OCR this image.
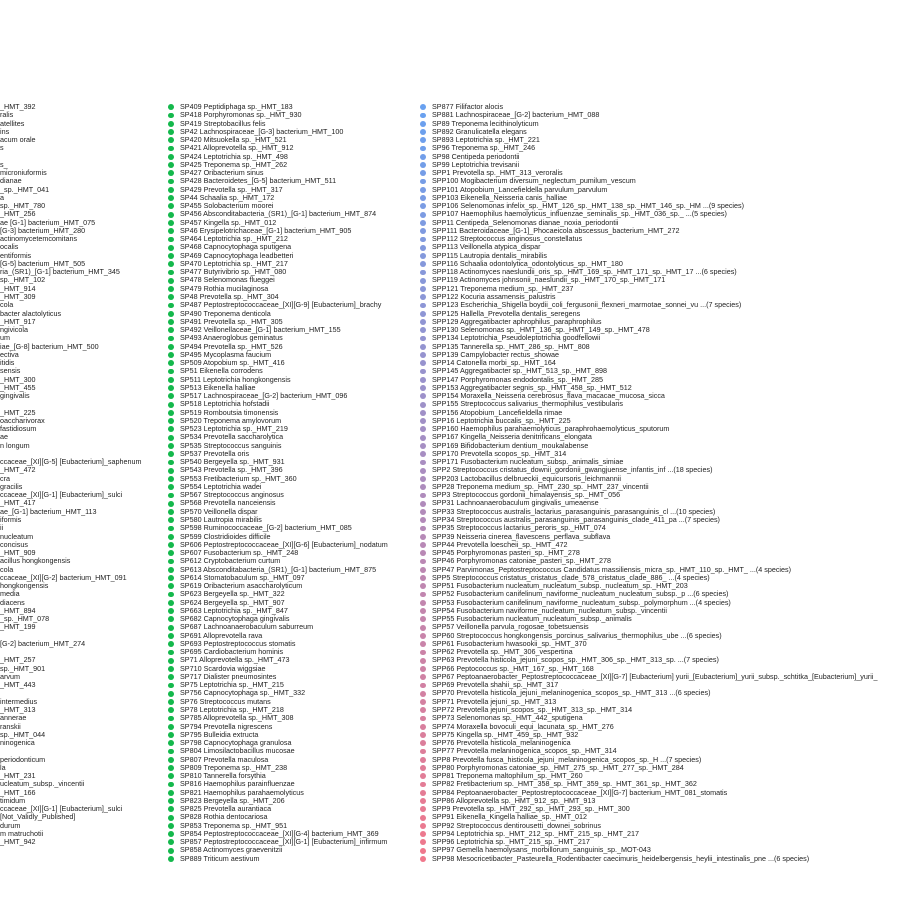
_HMT_392
ralis
atellites
ins
acum orale
s
s_
microniuformis
dianae
_sp._HMT_041
a
sp._HMT_780
_HMT_256
ae [G-1] bacterium_HMT_075
[G-3] bacterium_HMT_280
actinomycetemcomitans
ocalis
entiformis
[G-5] bacterium_HMT_505
ria_(SR1)_[G-1] bacterium_HMT_345
sp._HMT_102
_HMT_914
_HMT_309
cola
bacter alactolyticus
_HMT_917
ngivicola
um
iae_[G-8] bacterium_HMT_500
ectiva
itidis
sensis
_HMT_300
_HMT_455
gingivalis
_HMT_225
oaccharivorax
fastidiosum
ae
n longum
ccaceae_[XI][G-5] [Eubacterium]_saphenum
_HMT_472
cra
gracilis
ccaceae_[XI][G-1] [Eubacterium]_sulci
_HMT_417
ae_[G-1] bacterium_HMT_113
iformis
ii
nucleatum
concisus
_HMT_909
acillus hongkongensis
cola
ccaceae_[XI][G-2] bacterium_HMT_091
hongkongensis
media
diacens
_HMT_894
_sp._HMT_078
_HMT_199
[G-2] bacterium_HMT_274
_HMT_257
sp._HMT_901
arvum
_HMT_443
intermedius
_HMT_313
annerae
ranskii
sp._HMT_044
ninogenica
periodonticum
la
_HMT_231
ucleatum_subsp._vincentii
_HMT_166
timidum
ccaceae_[XI][G-1] [Eubacterium]_sulci
[Not_Validly_Published]
durum
m matruchotii
_HMT_942
SP409 Peptidiphaga sp._HMT_183
SP418 Porphyromonas sp._HMT_930
SP419 Streptobacillus felis
SP42 Lachnospiraceae_[G-3] bacterium_HMT_100
SP420 Mitsuokella sp._HMT_521
SP421 Alloprevotella sp._HMT_912
SP424 Leptotrichia sp._HMT_498
SP425 Treponema sp._HMT_262
SP427 Oribacterium sinus
SP428 Bacteroidetes_[G-5] bacterium_HMT_511
SP429 Prevotella sp._HMT_317
SP44 Schaalia sp._HMT_172
SP455 Solobacterium moorei
SP456 Absconditabacteria_(SR1)_[G-1] bacterium_HMT_874
SP457 Kingella sp._HMT_012
SP46 Erysipelotrichaceae_[G-1] bacterium_HMT_905
SP464 Leptotrichia sp._HMT_212
SP468 Capnocytophaga sputigena
SP469 Capnocytophaga leadbetteri
SP470 Leptotrichia sp._HMT_217
SP477 Butyrivibrio sp._HMT_080
SP478 Selenomonas flueggei
SP479 Rothia mucilaginosa
SP48 Prevotella sp._HMT_304
SP487 Peptostreptococcaceae_[XI][G-9] [Eubacterium]_brachy
SP490 Treponema denticola
SP491 Prevotella sp._HMT_305
SP492 Veillonellaceae_[G-1] bacterium_HMT_155
SP493 Anaeroglobus geminatus
SP494 Prevotella sp._HMT_526
SP495 Mycoplasma faucium
SP509 Atopobium sp._HMT_416
SP51 Eikenella corrodens
SP511 Leptotrichia hongkongensis
SP513 Eikenella halliae
SP517 Lachnospiraceae_[G-2] bacterium_HMT_096
SP518 Leptotrichia hofstadii
SP519 Romboutsia timonensis
SP520 Treponema amylovorum
SP523 Leptotrichia sp._HMT_219
SP534 Prevotella saccharolytica
SP535 Streptococcus sanguinis
SP537 Prevotella oris
SP540 Bergeyella sp._HMT_931
SP543 Prevotella sp._HMT_396
SP553 Fretibacterium sp._HMT_360
SP554 Leptotrichia wadei
SP567 Streptococcus anginosus
SP568 Prevotella nanceiensis
SP570 Veillonella dispar
SP580 Lautropia mirabilis
SP598 Ruminococcaceae_[G-2] bacterium_HMT_085
SP599 Clostridioides difficile
SP606 Peptostreptococcaceae_[XI][G-6] [Eubacterium]_nodatum
SP607 Fusobacterium sp._HMT_248
SP612 Cryptobacterium curtum
SP613 Absconditabacteria_(SR1)_[G-1] bacterium_HMT_875
SP614 Stomatobaculum sp._HMT_097
SP619 Oribacterium asaccharolyticum
SP623 Bergeyella sp._HMT_322
SP624 Bergeyella sp._HMT_907
SP663 Leptotrichia sp._HMT_847
SP682 Capnocytophaga gingivalis
SP687 Lachnoanaerobaculum saburreum
SP691 Alloprevotella rava
SP693 Peptostreptococcus stomatis
SP695 Cardiobacterium hominis
SP71 Alloprevotella sp._HMT_473
SP710 Scardovia wiggsiae
SP717 Dialister pneumosintes
SP75 Leptotrichia sp._HMT_215
SP756 Capnocytophaga sp._HMT_332
SP76 Streptococcus mutans
SP78 Leptotrichia sp._HMT_218
SP785 Alloprevotella sp._HMT_308
SP794 Prevotella nigrescens
SP795 Bulleidia extructa
SP798 Capnocytophaga granulosa
SP804 Limosilactobacillus mucosae
SP807 Prevotella maculosa
SP809 Treponema sp._HMT_238
SP810 Tannerella forsythia
SP816 Haemophilus parainfluenzae
SP821 Haemophilus parahaemolyticus
SP823 Bergeyella sp._HMT_206
SP825 Prevotella aurantiaca
SP828 Rothia dentocariosa
SP853 Treponema sp._HMT_951
SP854 Peptostreptococcaceae_[XI][G-4] bacterium_HMT_369
SP857 Peptostreptococcaceae_[XI][G-1] [Eubacterium]_infirmum
SP858 Actinomyces graevenitzii
SP889 Triticum aestivum
SP877 Filifactor alocis
SP881 Lachnospiraceae_[G-2] bacterium_HMT_088
SP89 Treponema lecithinolyticum
SP892 Granulicatella elegans
SP893 Leptotrichia sp._HMT_221
SP96 Treponema sp._HMT_246
SP98 Centipeda periodontii
SP99 Leptotrichia trevisanii
SPP1 Prevotella sp._HMT_313_veroralis
SPP100 Mogibacterium diversum_neglectum_pumilum_vescum
SPP101 Atopobium_Lancefieldella parvulum_parvulum
SPP103 Eikenella_Neisseria canis_halliae
SPP106 Selenomonas infelix_sp._HMT_126_sp._HMT_138_sp._HMT_146_sp._HM ...(9 species)
SPP107 Haemophilus haemolyticus_influenzae_seminalis_sp._HMT_036_sp._ ...(5 species)
SPP11 Centipeda_Selenomonas dianae_noxia_periodontii
SPP111 Bacteroidaceae_[G-1]_Phocaeicola abscessus_bacterium_HMT_272
SPP112 Streptococcus anginosus_constellatus
SPP113 Veillonella atypica_dispar
SPP115 Lautropia dentalis_mirabilis
SPP116 Schaalia odontolytica_odontolyticus_sp._HMT_180
SPP118 Actinomyces naeslundii_oris_sp._HMT_169_sp._HMT_171_sp._HMT_17 ...(6 species)
SPP119 Actinomyces johnsonii_naeslundii_sp._HMT_170_sp._HMT_171
SPP121 Treponema medium_sp._HMT_237
SPP122 Kocuria assamensis_palustris
SPP123 Escherichia_Shigella boydii_coli_fergusonii_flexneri_marmotae_sonnei_vu ...(7 species)
SPP125 Hallella_Prevotella dentalis_seregens
SPP129 Aggregatibacter aphrophilus_paraphrophilus
SPP130 Selenomonas sp._HMT_136_sp._HMT_149_sp._HMT_478
SPP134 Leptotrichia_Pseudoleptotrichia goodfellowii
SPP135 Tannerella sp._HMT_286_sp._HMT_808
SPP139 Campylobacter rectus_showae
SPP14 Catonella morbi_sp._HMT_164
SPP145 Aggregatibacter sp._HMT_513_sp._HMT_898
SPP147 Porphyromonas endodontalis_sp._HMT_285
SPP153 Aggregatibacter segnis_sp._HMT_458_sp._HMT_512
SPP154 Moraxella_Neisseria cerebrosus_flava_macacae_mucosa_sicca
SPP155 Streptococcus salivarius_thermophilus_vestibularis
SPP156 Atopobium_Lancefieldella rimae
SPP16 Leptotrichia buccalis_sp._HMT_225
SPP160 Haemophilus parahaemolyticus_paraphrohaemolyticus_sputorum
SPP167 Kingella_Neisseria denitrificans_elongata
SPP169 Bifidobacterium dentium_moukalabense
SPP170 Prevotella scopos_sp._HMT_314
SPP171 Fusobacterium nucleatum_subsp._animalis_simiae
SPP2 Streptococcus cristatus_downii_gordonii_gwangjuense_infantis_inf ...(18 species)
SPP203 Lactobacillus delbrueckii_equicursoris_leichmannii
SPP28 Treponema medium_sp._HMT_230_sp._HMT_237_vincentii
SPP3 Streptococcus gordonii_himalayensis_sp._HMT_056
SPP31 Lachnoanaerobaculum gingivalis_umeaense
SPP33 Streptococcus australis_lactarius_parasanguinis_parasanguinis_cl ...(10 species)
SPP34 Streptococcus australis_parasanguinis_parasanguinis_clade_411_pa ...(7 species)
SPP35 Streptococcus lactarius_peroris_sp._HMT_074
SPP39 Neisseria cinerea_flavescens_perflava_subflava
SPP44 Prevotella loescheii_sp._HMT_472
SPP45 Porphyromonas pasteri_sp._HMT_278
SPP46 Porphyromonas catoniae_pasteri_sp._HMT_278
SPP47 Parvimonas_Peptostreptococcus Candidatus massiliensis_micra_sp._HMT_110_sp._HMT_ ...(4 species)
SPP5 Streptococcus cristatus_cristatus_clade_578_cristatus_clade_886_ ...(4 species)
SPP51 Fusobacterium nucleatum_nucleatum_subsp._nucleatum_sp._HMT_203
SPP52 Fusobacterium canifelinum_naviforme_nucleatum_nucleatum_subsp._p ...(6 species)
SPP53 Fusobacterium canifelinum_naviforme_nucleatum_subsp._polymorphum ...(4 species)
SPP54 Fusobacterium naviforme_nucleatum_nucleatum_subsp._vincentii
SPP55 Fusobacterium nucleatum_nucleatum_subsp._animalis
SPP57 Veillonella parvula_rogosae_tobetsuensis
SPP60 Streptococcus hongkongensis_porcinus_salivarius_thermophilus_ube ...(6 species)
SPP61 Fusobacterium hwasookii_sp._HMT_370
SPP62 Prevotella sp._HMT_306_vespertina
SPP63 Prevotella histicola_jejuni_scopos_sp._HMT_306_sp._HMT_313_sp. ...(7 species)
SPP66 Peptococcus sp._HMT_167_sp._HMT_168
SPP67 Peptoanaerobacter_Peptostreptococcaceae_[XI][G-7] [Eubacterium] yurii_[Eubacterium]_yurii_subsp._schtitka_[Eubacterium]_yurii_
SPP69 Prevotella shahii_sp._HMT_317
SPP70 Prevotella histicola_jejuni_melaninogenica_scopos_sp._HMT_313 ...(6 species)
SPP71 Prevotella jejuni_sp._HMT_313
SPP72 Prevotella jejuni_scopos_sp._HMT_313_sp._HMT_314
SPP73 Selenomonas sp._HMT_442_sputigena
SPP74 Moraxella bovoculi_equi_lacunata_sp._HMT_276
SPP75 Kingella sp._HMT_459_sp._HMT_932
SPP76 Prevotella histicola_melaninogenica
SPP77 Prevotella melaninogenica_scopos_sp._HMT_314
SPP8 Prevotella fusca_histicola_jejuni_melaninogenica_scopos_sp._H ...(7 species)
SPP80 Porphyromonas catoniae_sp._HMT_275_sp._HMT_277_sp._HMT_284
SPP81 Treponema maltophilum_sp._HMT_260
SPP82 Fretibacterium sp._HMT_358_sp._HMT_359_sp._HMT_361_sp._HMT_362
SPP84 Peptoanaerobacter_Peptostreptococcaceae_[XI][G-7] bacterium_HMT_081_stomatis
SPP86 Alloprevotella sp._HMT_912_sp._HMT_913
SPP9 Prevotella sp._HMT_292_sp._HMT_293_sp._HMT_300
SPP91 Eikenella_Kingella halliae_sp._HMT_012
SPP92 Streptococcus dentirousetti_downei_sobrinus
SPP94 Leptotrichia sp._HMT_212_sp._HMT_215_sp._HMT_217
SPP96 Leptotrichia sp._HMT_215_sp._HMT_217
SPP97 Gemella haemolysans_morbillorum_sanguinis_sp._MOT-043
SPP98 Mesocricetibacter_Pasteurella_Rodentibacter caecimuris_heidelbergensis_heylii_intestinalis_pne ...(6 species)
